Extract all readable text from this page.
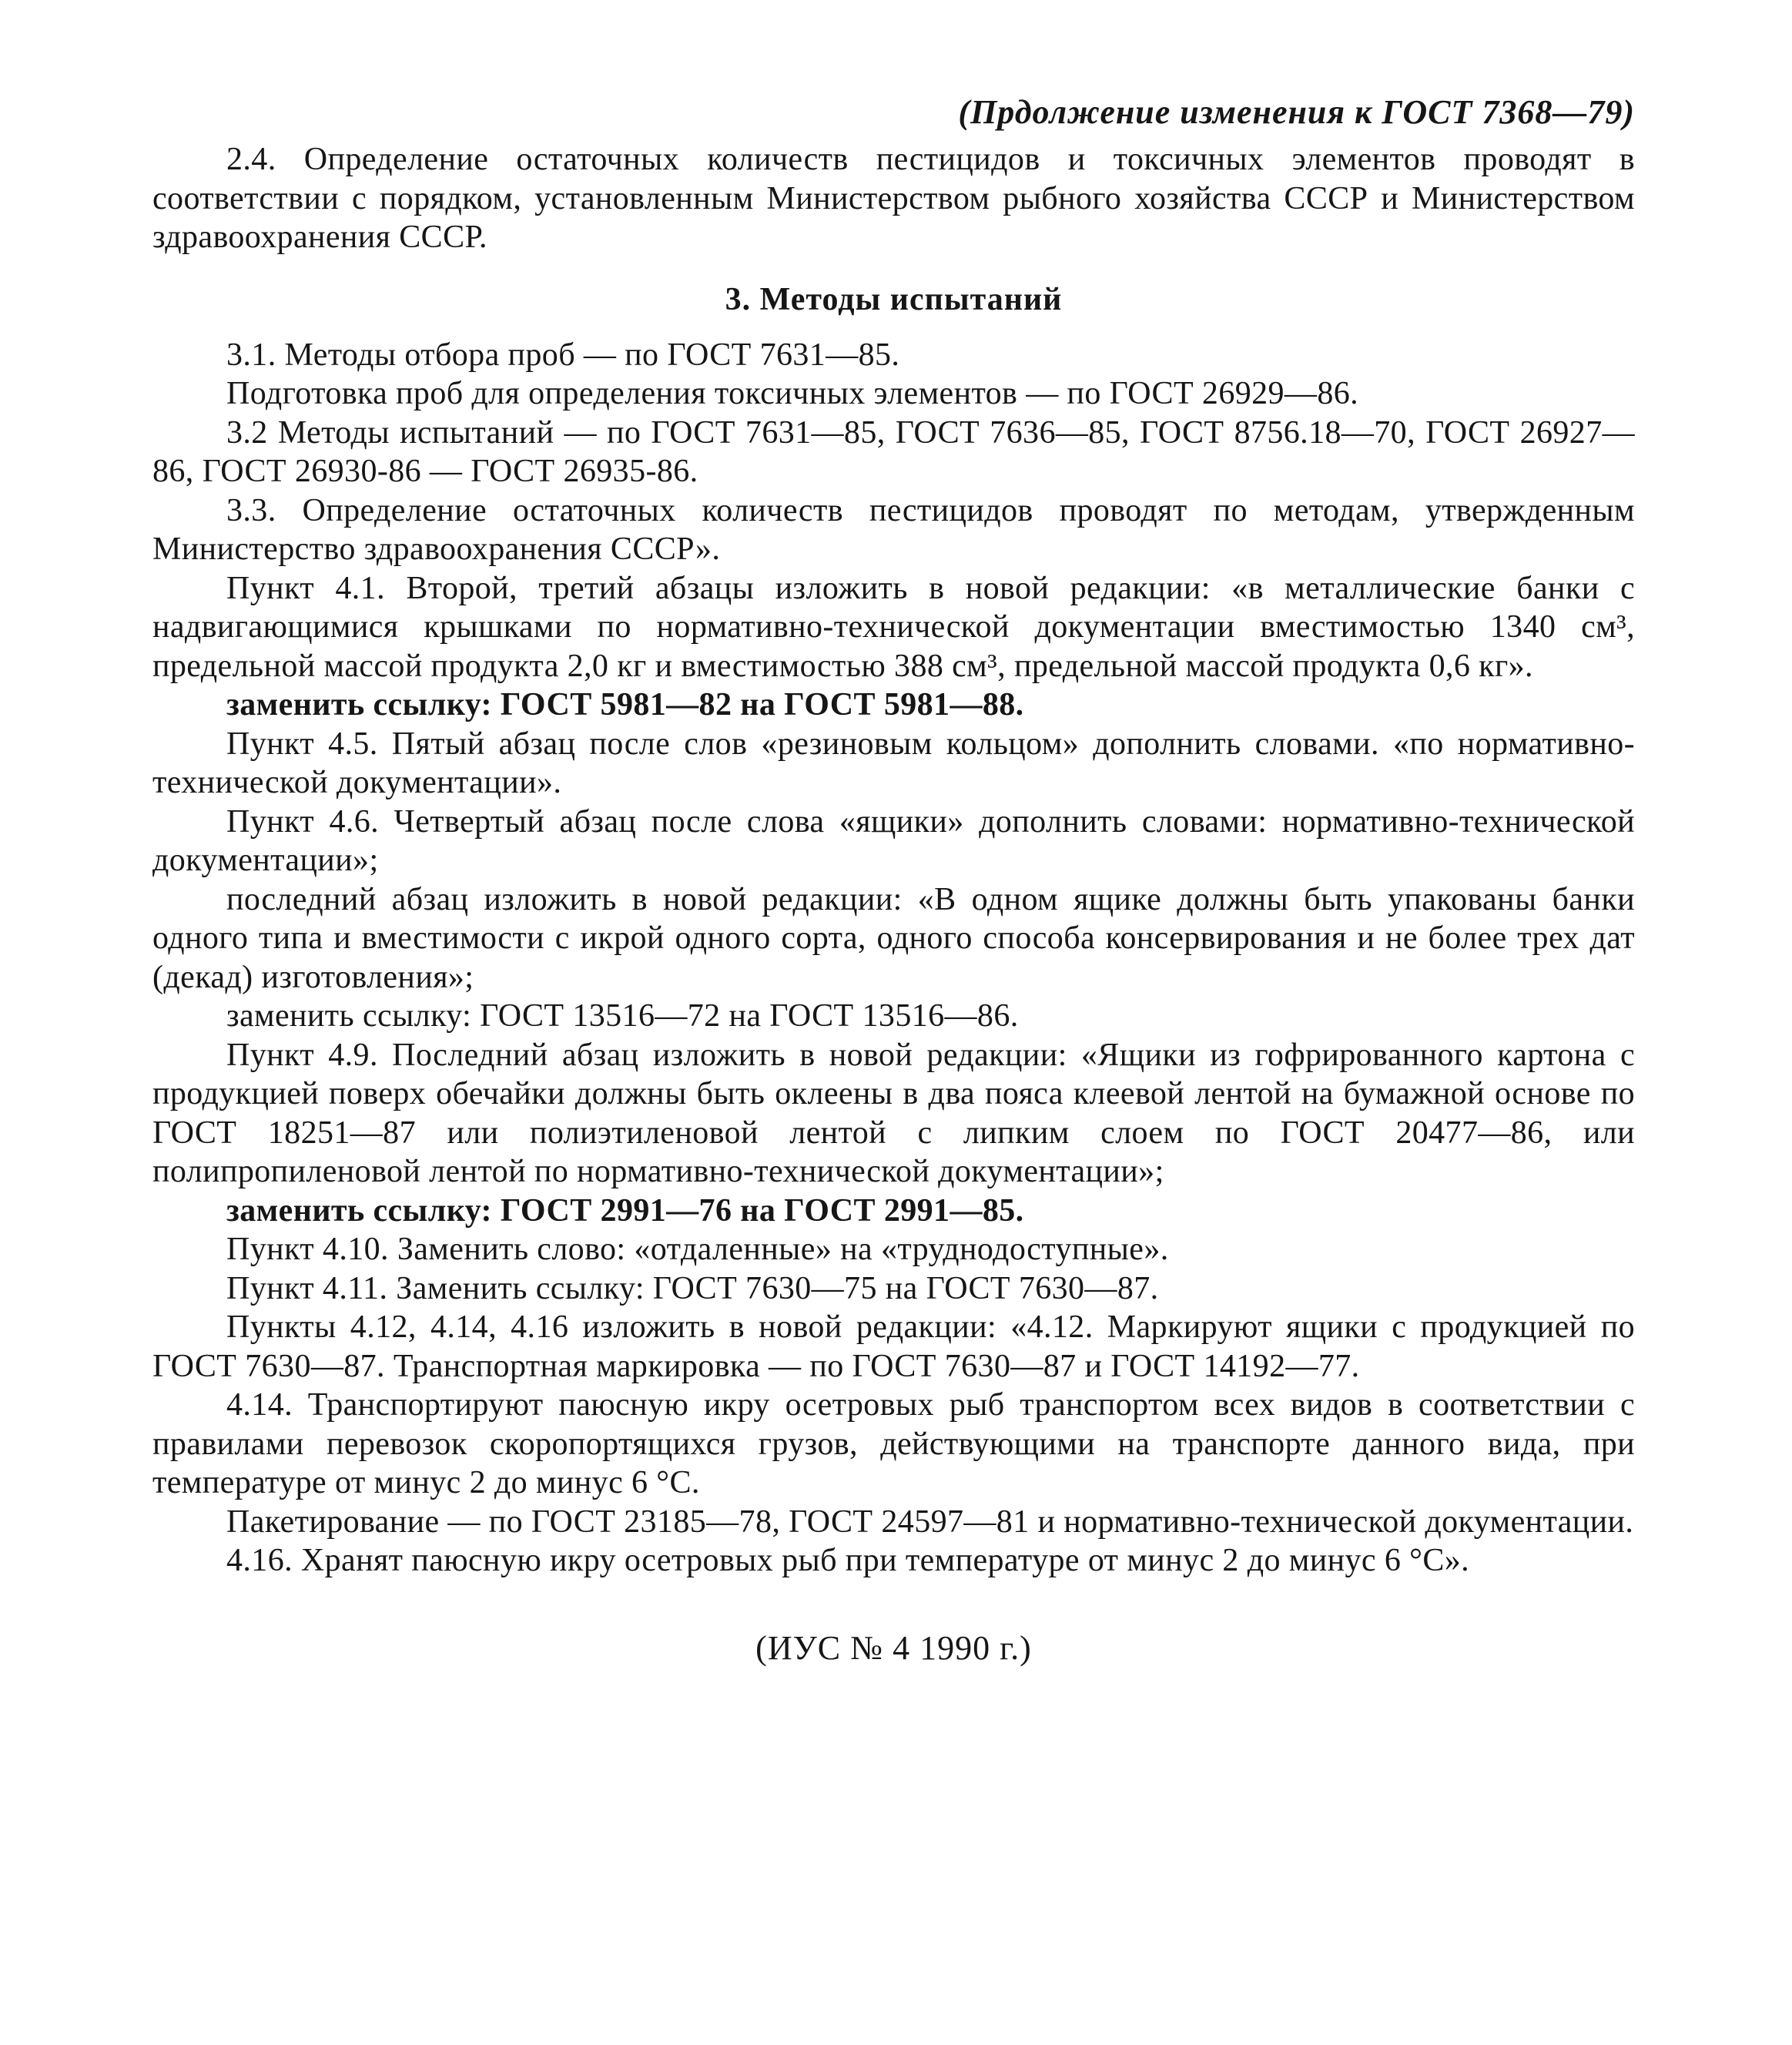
(Прдолжение изменения к ГОСТ 7368—79)

2.4. Определение остаточных количеств пестицидов и токсичных элементов проводят в соответствии с порядком, установленным Министерством рыбного хозяйства СССР и Министерством здравоохранения СССР.

3. Методы испытаний

3.1. Методы отбора проб — по ГОСТ 7631—85.

Подготовка проб для определения токсичных элементов — по ГОСТ 26929—86.

3.2 Методы испытаний — по ГОСТ 7631—85, ГОСТ 7636—85, ГОСТ 8756.18—70, ГОСТ 26927—86, ГОСТ 26930-86 — ГОСТ 26935-86.

3.3. Определение остаточных количеств пестицидов проводят по методам, утвержденным Министерство здравоохранения СССР».

Пункт 4.1. Второй, третий абзацы изложить в новой редакции: «в металлические банки с надвигающимися крышками по нормативно-технической документации вместимостью 1340 см³, предельной массой продукта 2,0 кг и вместимостью 388 см³, предельной массой продукта 0,6 кг».

заменить ссылку: ГОСТ 5981—82 на ГОСТ 5981—88.

Пункт 4.5. Пятый абзац после слов «резиновым кольцом» дополнить словами. «по нормативно-технической документации».

Пункт 4.6. Четвертый абзац после слова «ящики» дополнить словами: нормативно-технической документации»;

последний абзац изложить в новой редакции: «В одном ящике должны быть упакованы банки одного типа и вместимости с икрой одного сорта, одного способа консервирования и не более трех дат (декад) изготовления»;

заменить ссылку: ГОСТ 13516—72 на ГОСТ 13516—86.

Пункт 4.9. Последний абзац изложить в новой редакции: «Ящики из гофрированного картона с продукцией поверх обечайки должны быть оклеены в два пояса клеевой лентой на бумажной основе по ГОСТ 18251—87 или полиэтиленовой лентой с липким слоем по ГОСТ 20477—86, или полипропиленовой лентой по нормативно-технической документации»;

заменить ссылку: ГОСТ 2991—76 на ГОСТ 2991—85.

Пункт 4.10. Заменить слово: «отдаленные» на «труднодоступные».

Пункт 4.11. Заменить ссылку: ГОСТ 7630—75 на ГОСТ 7630—87.

Пункты 4.12, 4.14, 4.16 изложить в новой редакции: «4.12. Маркируют ящики с продукцией по ГОСТ 7630—87. Транспортная маркировка — по ГОСТ 7630—87 и ГОСТ 14192—77.

4.14. Транспортируют паюсную икру осетровых рыб транспортом всех видов в соответствии с правилами перевозок скоропортящихся грузов, действующими на транспорте данного вида, при температуре от минус 2 до минус 6 °С.

Пакетирование — по ГОСТ 23185—78, ГОСТ 24597—81 и нормативно-технической документации.

4.16. Хранят паюсную икру осетровых рыб при температуре от минус 2 до минус 6 °С».

(ИУС № 4 1990 г.)
